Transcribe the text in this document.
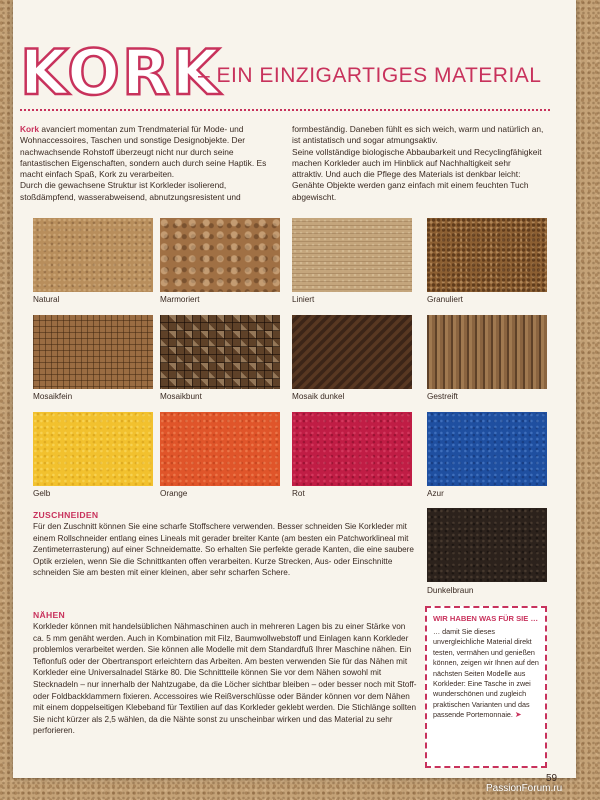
KORK
– EIN EINZIGARTIGES MATERIAL

Kork avanciert momentan zum Trendmaterial für Mode- und Wohnaccessoires, Taschen und sonstige Designobjekte. Der nachwachsende Rohstoff überzeugt nicht nur durch seine fantastischen Eigenschaften, sondern auch durch seine Haptik. Es macht einfach Spaß, Kork zu verarbeiten.

Durch die gewachsene Struktur ist Korkleder isolierend, stoßdämpfend, wasserabweisend, abnutzungsresistent und

formbeständig. Daneben fühlt es sich weich, warm und natürlich an, ist antistatisch und sogar atmungsaktiv.

Seine vollständige biologische Abbaubarkeit und Recyclingfähigkeit machen Korkleder auch im Hinblick auf Nachhaltigkeit sehr attraktiv. Und auch die Pflege des Materials ist denkbar leicht: Genähte Objekte werden ganz einfach mit einem feuchten Tuch abgewischt.

Natural	Marmoriert	Liniert	Granuliert
Mosaikfein	Mosaikbunt	Mosaik dunkel	Gestreift
Gelb	Orange	Rot	Azur
Dunkelbraun
ZUSCHNEIDEN
Für den Zuschnitt können Sie eine scharfe Stoffschere verwenden. Besser schneiden Sie Korkleder mit einem Rollschneider entlang eines Lineals mit gerader breiter Kante (am besten ein Patchworklineal mit Zentimeterrasterung) auf einer Schneidematte. So erhalten Sie perfekte gerade Kanten, die eine saubere Optik erzielen, wenn Sie die Schnittkanten offen verarbeiten. Kurze Strecken, Aus- oder Einschnitte schneiden Sie am besten mit einer kleinen, aber sehr scharfen Schere.
NÄHEN
Korkleder können mit handelsüblichen Nähmaschinen auch in mehreren Lagen bis zu einer Stärke von ca. 5 mm genäht werden. Auch in Kombination mit Filz, Baumwollwebstoff und Einlagen kann Korkleder problemlos verarbeitet werden. Sie können alle Modelle mit dem Standardfuß Ihrer Maschine nähen. Ein Teflonfuß oder der Obertransport erleichtern das Arbeiten. Am besten verwenden Sie für das Nähen mit Korkleder eine Universalnadel Stärke 80. Die Schnittteile können Sie vor dem Nähen sowohl mit Stecknadeln – nur innerhalb der Nahtzugabe, da die Löcher sichtbar bleiben – oder besser noch mit Stoff- oder Foldbackklammern fixieren. Accessoires wie Reißverschlüsse oder Bänder können vor dem Nähen mit einem doppelseitigen Klebeband für Textilien auf das Korkleder geklebt werden. Die Stichlänge sollten Sie nicht kürzer als 2,5 wählen, da die Nähte sonst zu unscheinbar wirken und das Material zu sehr perforieren.
WIR HABEN WAS FÜR SIE …
… damit Sie dieses unvergleichliche Material direkt testen, verrnähen und genießen können, zeigen wir Ihnen auf den nächsten Seiten Modelle aus Korkleder: Eine Tasche in zwei wunderschönen und zugleich praktischen Varianten und das passende Portemonnaie. ➤
59
PassionForum.ru
